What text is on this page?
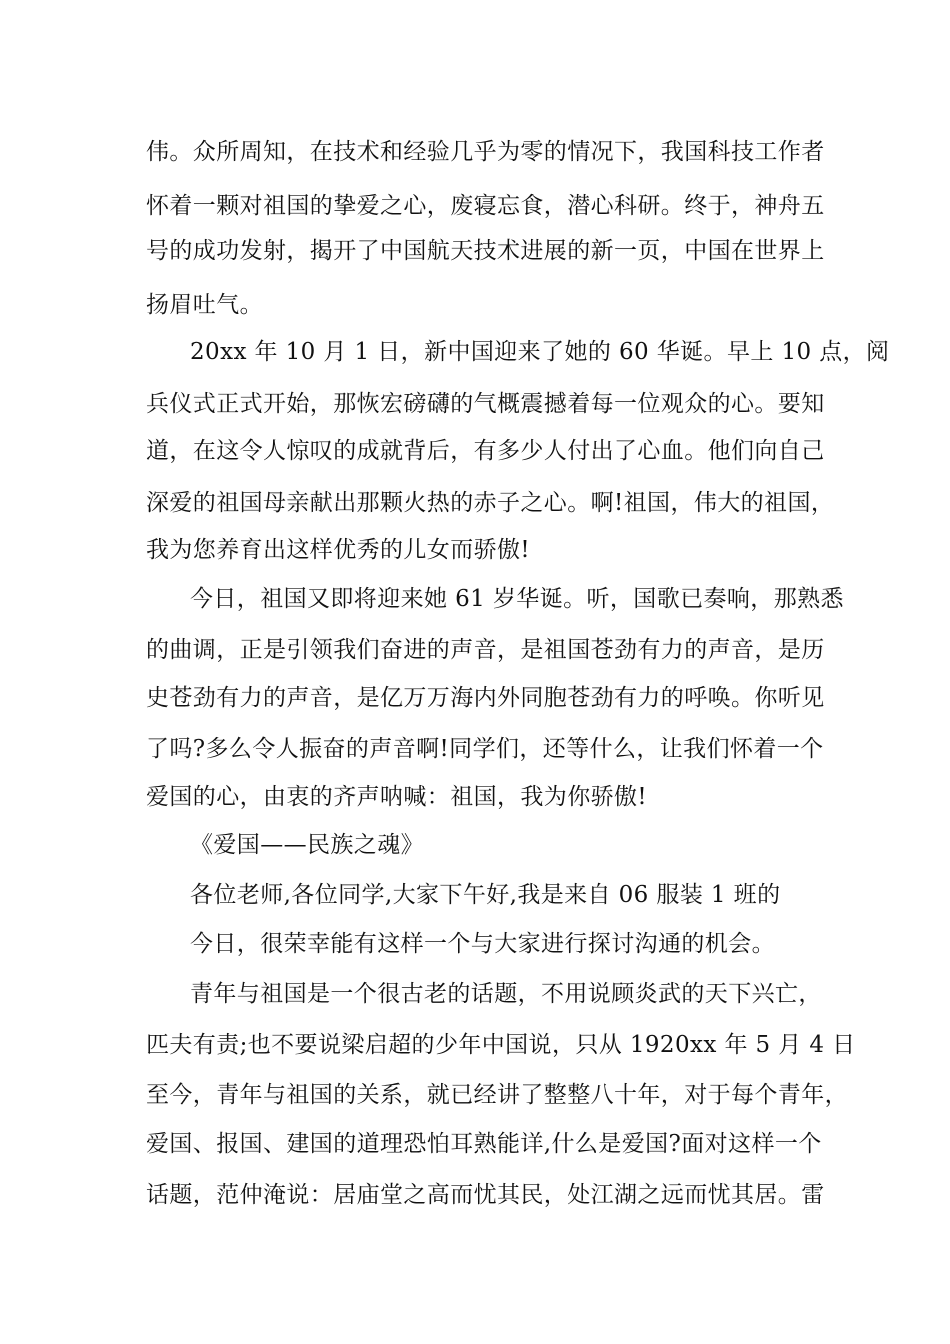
伟。众所周知，在技术和经验几乎为零的情况下，我国科技工作者
怀着一颗对祖国的挚爱之心，废寝忘食，潜心科研。终于，神舟五
号的成功发射，揭开了中国航天技术进展的新一页，中国在世界上
扬眉吐气。
20xx 年 10 月 1 日，新中国迎来了她的 60 华诞。早上 10 点，阅
兵仪式正式开始，那恢宏磅礴的气概震撼着每一位观众的心。要知
道，在这令人惊叹的成就背后，有多少人付出了心血。他们向自己
深爱的祖国母亲献出那颗火热的赤子之心。啊!祖国，伟大的祖国，
我为您养育出这样优秀的儿女而骄傲!
今日，祖国又即将迎来她 61 岁华诞。听，国歌已奏响，那熟悉
的曲调，正是引领我们奋进的声音，是祖国苍劲有力的声音，是历
史苍劲有力的声音，是亿万万海内外同胞苍劲有力的呼唤。你听见
了吗?多么令人振奋的声音啊!同学们，还等什么，让我们怀着一个
爱国的心，由衷的齐声呐喊：祖国，我为你骄傲!
《爱国——民族之魂》
各位老师,各位同学,大家下午好,我是来自 06 服装 1 班的
今日，很荣幸能有这样一个与大家进行探讨沟通的机会。
青年与祖国是一个很古老的话题，不用说顾炎武的天下兴亡，
匹夫有责;也不要说梁启超的少年中国说，只从 1920xx 年 5 月 4 日
至今，青年与祖国的关系，就已经讲了整整八十年，对于每个青年，
爱国、报国、建国的道理恐怕耳熟能详,什么是爱国?面对这样一个
话题，范仲淹说：居庙堂之高而忧其民，处江湖之远而忧其居。雷
